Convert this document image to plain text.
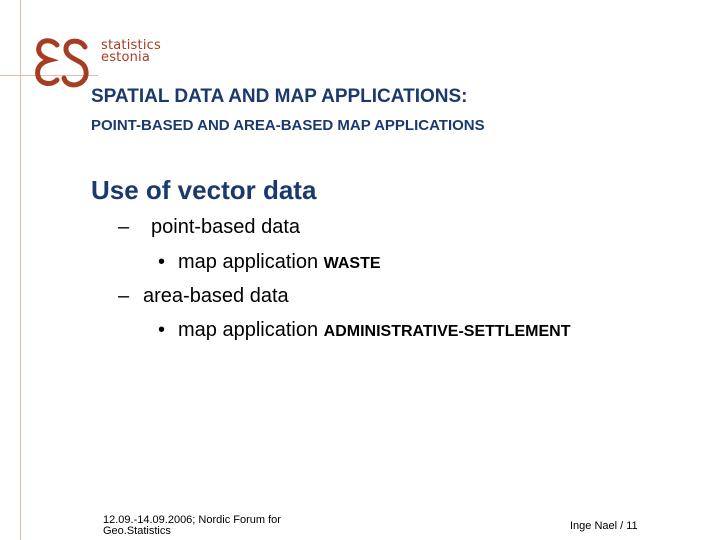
statistics
estonia
SPATIAL DATA AND MAP APPLICATIONS:
POINT-BASED AND AREA-BASED MAP APPLICATIONS
Use of vector data
– point-based data
• map application WASTE
– area-based data
• map application ADMINISTRATIVE-SETTLEMENT
12.09.-14.09.2006; Nordic Forum for Geo.Statistics	Inge Nael / 11
